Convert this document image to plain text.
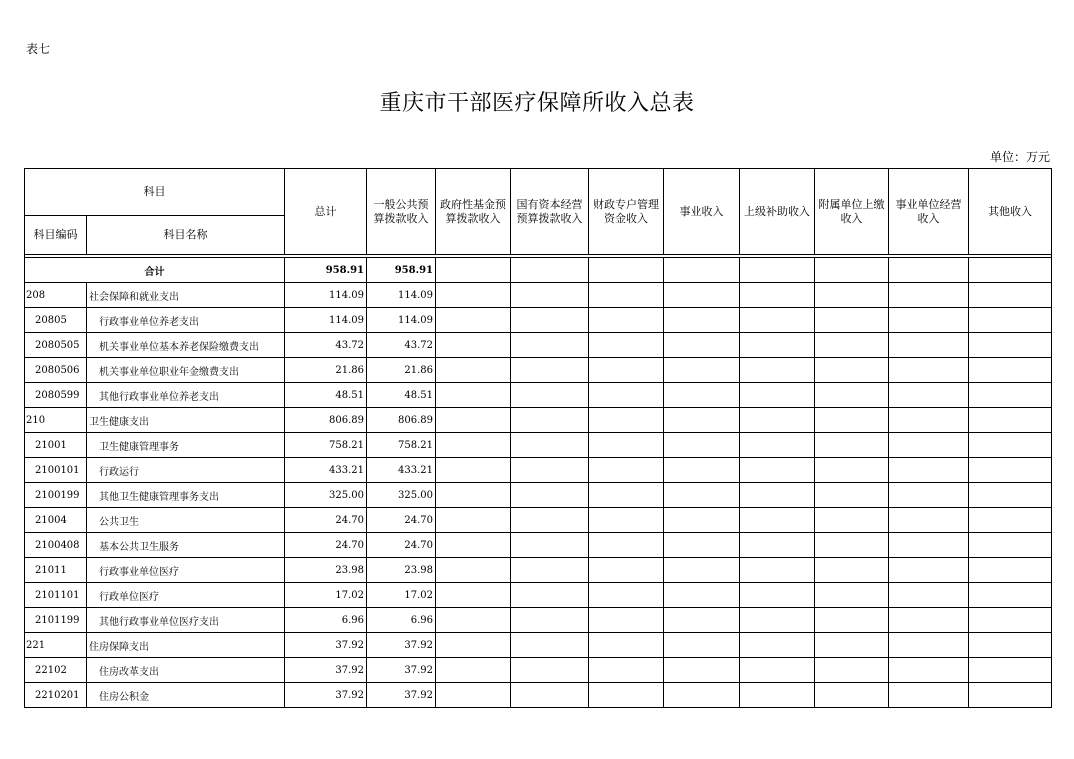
表七
重庆市干部医疗保障所收入总表
单位：万元
科目		总计	一般公共预算拨款收入	政府性基金预算拨款收入	国有资本经营预算拨款收入	财政专户管理资金收入	事业收入	上级补助收入	附属单位上缴收入	事业单位经营收入	其他收入
科目编码	科目名称										

合计		958.91	958.91								
208	社会保障和就业支出	114.09	114.09								
20805	行政事业单位养老支出	114.09	114.09								
2080505	机关事业单位基本养老保险缴费支出	43.72	43.72								
2080506	机关事业单位职业年金缴费支出	21.86	21.86								
2080599	其他行政事业单位养老支出	48.51	48.51								
210	卫生健康支出	806.89	806.89								
21001	卫生健康管理事务	758.21	758.21								
2100101	行政运行	433.21	433.21								
2100199	其他卫生健康管理事务支出	325.00	325.00								
21004	公共卫生	24.70	24.70								
2100408	基本公共卫生服务	24.70	24.70								
21011	行政事业单位医疗	23.98	23.98								
2101101	行政单位医疗	17.02	17.02								
2101199	其他行政事业单位医疗支出	6.96	6.96								
221	住房保障支出	37.92	37.92								
22102	住房改革支出	37.92	37.92								
2210201	住房公积金	37.92	37.92								
